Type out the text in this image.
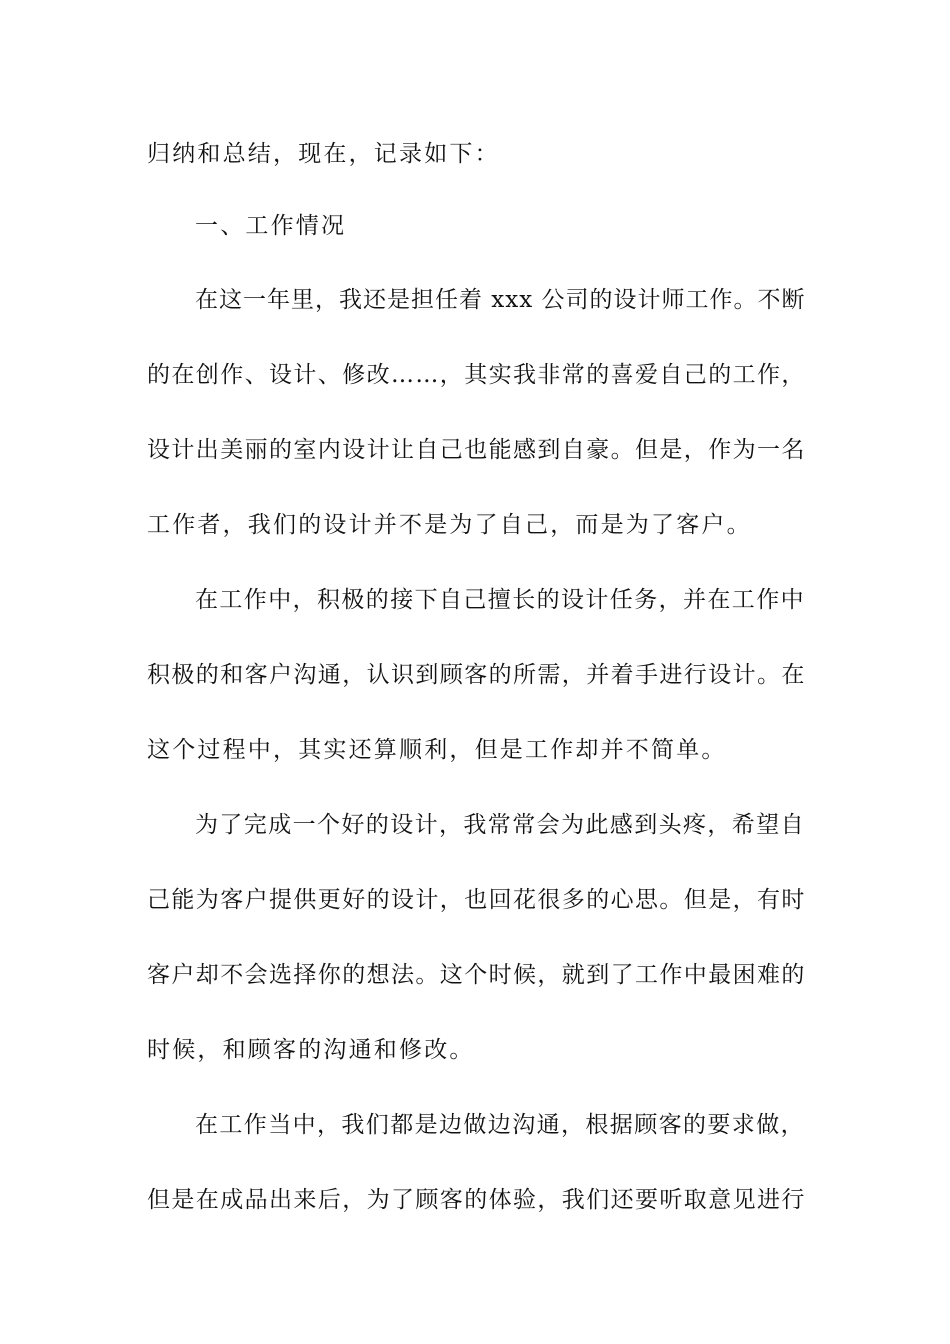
归纳和总结，现在，记录如下：
一、工作情况
在这一年里，我还是担任着 xxx 公司的设计师工作。不断
的在创作、设计、修改……，其实我非常的喜爱自己的工作，
设计出美丽的室内设计让自己也能感到自豪。但是，作为一名
工作者，我们的设计并不是为了自己，而是为了客户。
在工作中，积极的接下自己擅长的设计任务，并在工作中
积极的和客户沟通，认识到顾客的所需，并着手进行设计。在
这个过程中，其实还算顺利，但是工作却并不简单。
为了完成一个好的设计，我常常会为此感到头疼，希望自
己能为客户提供更好的设计，也回花很多的心思。但是，有时
客户却不会选择你的想法。这个时候，就到了工作中最困难的
时候，和顾客的沟通和修改。
在工作当中，我们都是边做边沟通，根据顾客的要求做，
但是在成品出来后，为了顾客的体验，我们还要听取意见进行
